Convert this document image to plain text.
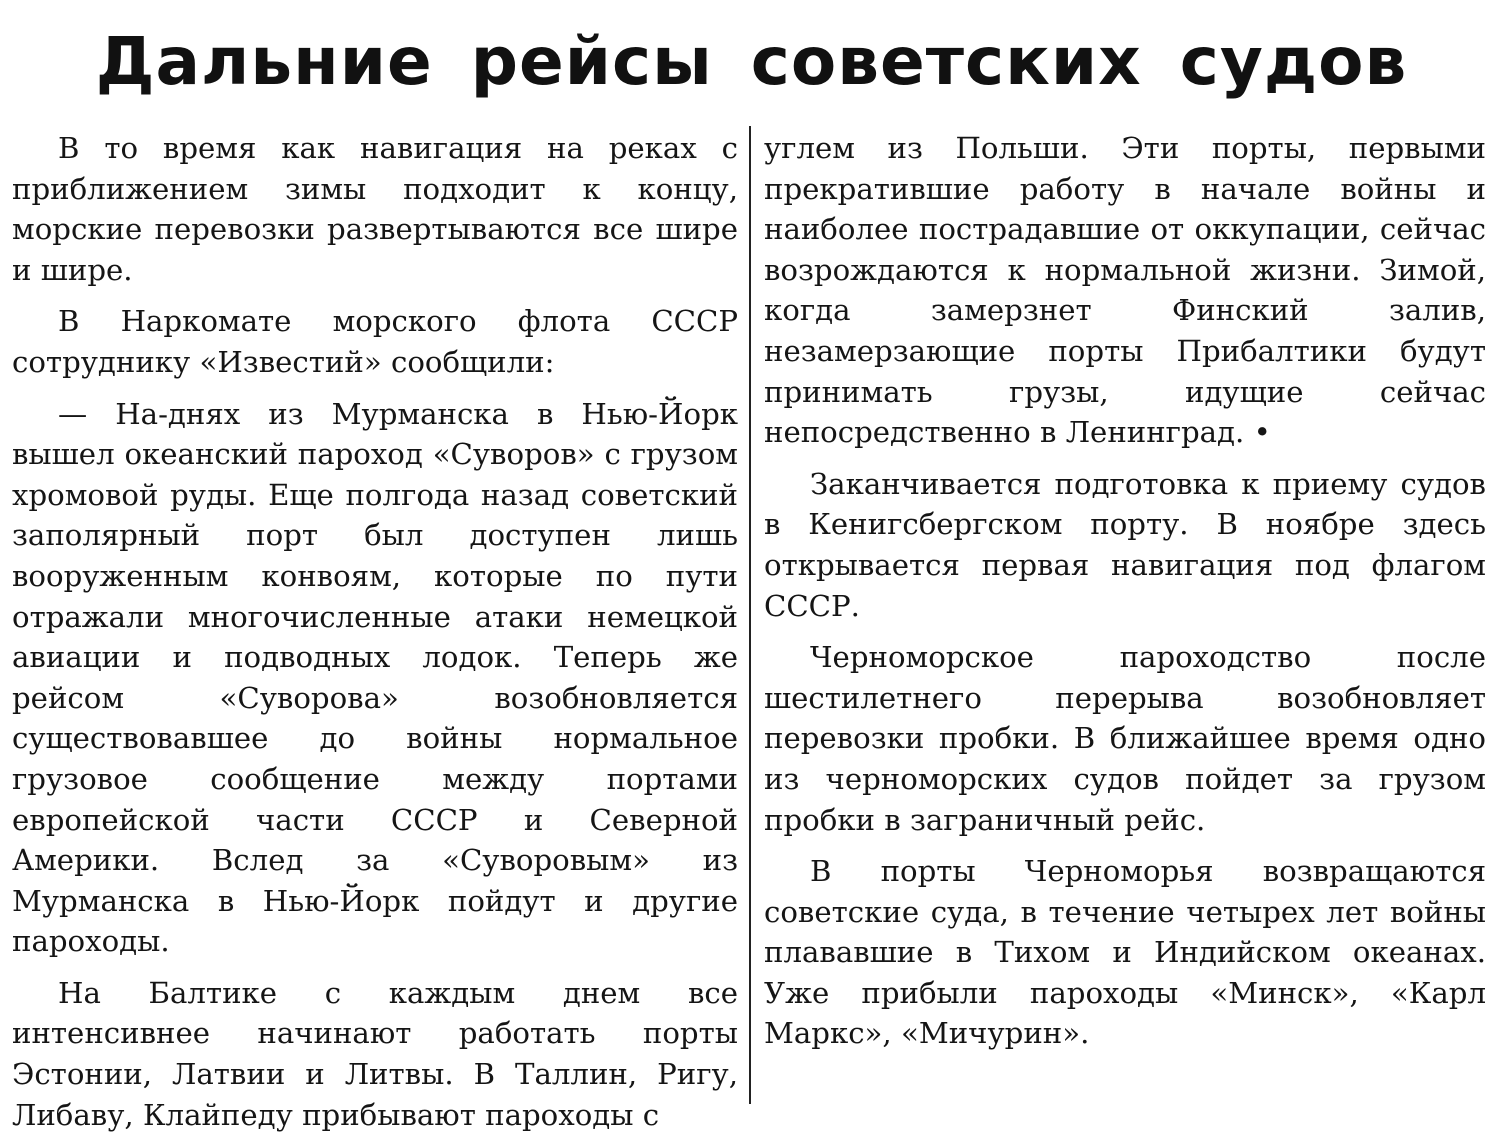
Дальние рейсы советских судов

В то время как навигация на реках с приближением зимы подходит к концу, морские перевозки развертываются все шире и шире.

В Наркомате морского флота СССР сотруднику «Известий» сообщили:

— На-днях из Мурманска в Нью-Йорк вышел океанский пароход «Суворов» с грузом хромовой руды. Еще полгода назад советский заполярный порт был доступен лишь вооруженным конвоям, которые по пути отражали многочисленные атаки немецкой авиации и подводных лодок. Теперь же рейсом «Суворова» возобновляется существовавшее до войны нормальное грузовое сообщение между портами европейской части СССР и Северной Америки. Вслед за «Суворовым» из Мурманска в Нью-Йорк пойдут и другие пароходы.

На Балтике с каждым днем все интенсивнее начинают работать порты Эстонии, Латвии и Литвы. В Таллин, Ригу, Либаву, Клайпеду прибывают пароходы с

углем из Польши. Эти порты, первыми прекратившие работу в начале войны и наиболее пострадавшие от оккупации, сейчас возрождаются к нормальной жизни. Зимой, когда замерзнет Финский залив, незамерзающие порты Прибалтики будут принимать грузы, идущие сейчас непосредственно в Ленинград. •

Заканчивается подготовка к приему судов в Кенигсбергском порту. В ноябре здесь открывается первая навигация под флагом СССР.

Черноморское пароходство после шестилетнего перерыва возобновляет перевозки пробки. В ближайшее время одно из черноморских судов пойдет за грузом пробки в заграничный рейс.

В порты Черноморья возвращаются советские суда, в течение четырех лет войны плававшие в Тихом и Индийском океанах. Уже прибыли пароходы «Минск», «Карл Маркс», «Мичурин».
